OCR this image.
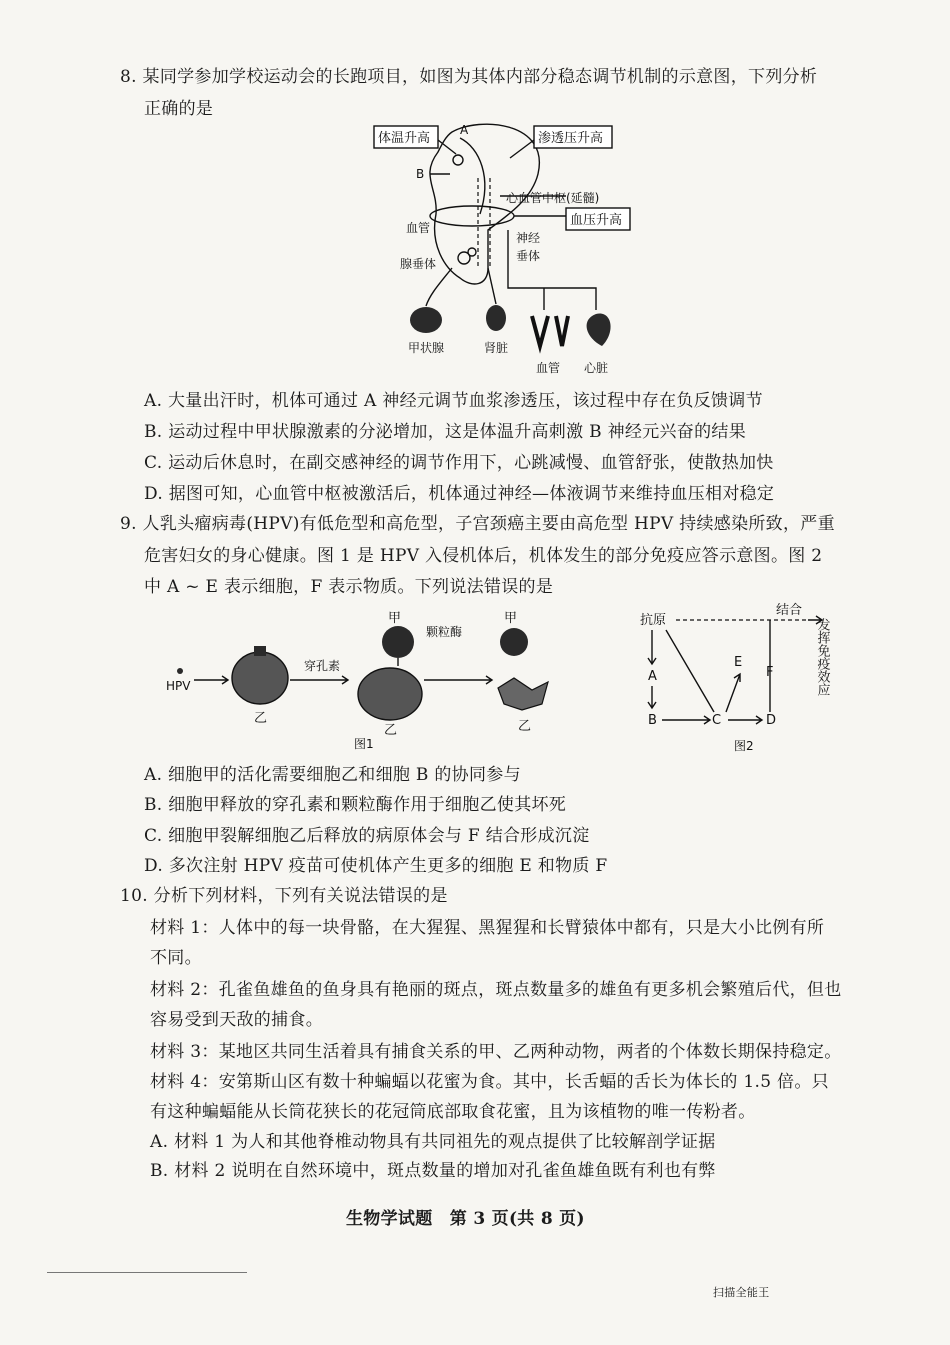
8. 某同学参加学校运动会的长跑项目，如图为其体内部分稳态调节机制的示意图，下列分析
正确的是
体温升高	渗透压升高
血压升高
A
B
心血管中枢(延髓)
血管
神经
垂体
腺垂体
甲状腺	肾脏
血管 心脏
A. 大量出汗时，机体可通过 A 神经元调节血浆渗透压，该过程中存在负反馈调节
B. 运动过程中甲状腺激素的分泌增加，这是体温升高刺激 B 神经元兴奋的结果
C. 运动后休息时，在副交感神经的调节作用下，心跳减慢、血管舒张，使散热加快
D. 据图可知，心血管中枢被激活后，机体通过神经—体液调节来维持血压相对稳定
9. 人乳头瘤病毒(HPV)有低危型和高危型，子宫颈癌主要由高危型 HPV 持续感染所致，严重
危害妇女的身心健康。图 1 是 HPV 入侵机体后，机体发生的部分免疫应答示意图。图 2
中 A ~ E 表示细胞，F 表示物质。下列说法错误的是
HPV
乙
穿孔素
甲
颗粒酶
乙
甲
乙
图1
抗原
结合
发挥免疫效应
A
B	C
E
D
F
图2
A. 细胞甲的活化需要细胞乙和细胞 B 的协同参与
B. 细胞甲释放的穿孔素和颗粒酶作用于细胞乙使其坏死
C. 细胞甲裂解细胞乙后释放的病原体会与 F 结合形成沉淀
D. 多次注射 HPV 疫苗可使机体产生更多的细胞 E 和物质 F
10. 分析下列材料，下列有关说法错误的是
材料 1：人体中的每一块骨骼，在大猩猩、黑猩猩和长臂猿体中都有，只是大小比例有所
不同。
材料 2：孔雀鱼雄鱼的鱼身具有艳丽的斑点，斑点数量多的雄鱼有更多机会繁殖后代，但也
容易受到天敌的捕食。
材料 3：某地区共同生活着具有捕食关系的甲、乙两种动物，两者的个体数长期保持稳定。
材料 4：安第斯山区有数十种蝙蝠以花蜜为食。其中，长舌蝠的舌长为体长的 1.5 倍。只
有这种蝙蝠能从长筒花狭长的花冠筒底部取食花蜜，且为该植物的唯一传粉者。
A. 材料 1 为人和其他脊椎动物具有共同祖先的观点提供了比较解剖学证据
B. 材料 2 说明在自然环境中，斑点数量的增加对孔雀鱼雄鱼既有利也有弊
生物学试题　第 3 页(共 8 页)
扫描全能王
